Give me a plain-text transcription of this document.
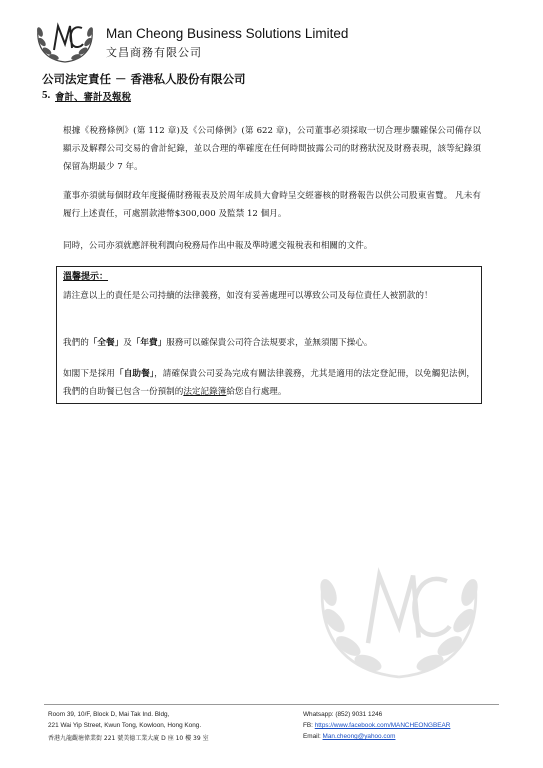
Man Cheong Business Solutions Limited
文昌商務有限公司
公司法定責任 － 香港私人股份有限公司
5. 會計、審計及報稅
根據《稅務條例》(第 112 章)及《公司條例》(第 622 章)，公司董事必須採取一切合理步驟確保公司備存以顯示及解釋公司交易的會計紀錄，並以合理的準確度在任何時間披露公司的財務狀況及財務表現，該等紀錄須保留為期最少 7 年。
董事亦須就每個財政年度擬備財務報表及於周年成員大會時呈交經審核的財務報告以供公司股東省覽。 凡未有履行上述責任，可處罰款港幣$300,000 及監禁 12 個月。
同時，公司亦須就應評稅利潤向稅務局作出申報及準時遞交報稅表和相關的文件。
溫馨提示：
請注意以上的責任是公司持續的法律義務，如沒有妥善處理可以導致公司及每位責任人被罰款的！
我們的「全餐」及「年費」服務可以確保貴公司符合法規要求，並無須閣下操心。
如閣下是採用「自助餐」，請確保貴公司妥為完成有關法律義務，尤其是適用的法定登記冊，以免觸犯法例，我們的自助餐已包含一份預制的法定記錄簿給您自行處理。
Room 39, 10/F, Block D, Mai Tak Ind. Bldg,
221 Wai Yip Street, Kwun Tong, Kowloon, Hong Kong.
香港九龍觀塘偉業街 221 號美德工業大廈 D 座 10 樓 39 室
Whatsapp: (852) 9031 1246
FB: https://www.facebook.com/MANCHEONGBEAR
Email: Man.cheong@yahoo.com
